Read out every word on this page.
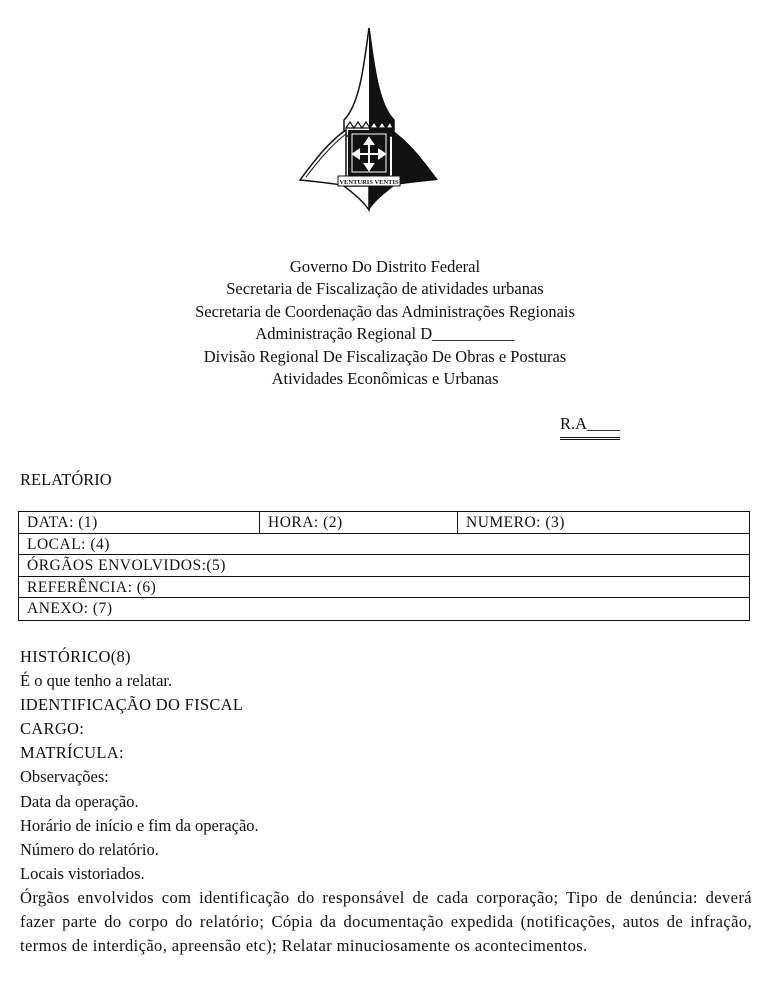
VENTURIS VENTIS
Governo Do Distrito Federal
Secretaria de Fiscalização de atividades urbanas
Secretaria de Coordenação das Administrações Regionais
Administração Regional D__________
Divisão Regional De Fiscalização De Obras e Posturas
Atividades Econômicas e Urbanas
R.A____
RELATÓRIO
DATA: (1)	HORA: (2)	NUMERO: (3)
LOCAL: (4)
ÓRGÃOS ENVOLVIDOS:(5)
REFERÊNCIA: (6)
ANEXO: (7)
HISTÓRICO(8)
É o que tenho a relatar.
IDENTIFICAÇÃO DO FISCAL
CARGO:
MATRÍCULA:
Observações:
Data da operação.
Horário de início e fim da operação.
Número do relatório.
Locais vistoriados.
Órgãos envolvidos com identificação do responsável de cada corporação; Tipo de denúncia: deverá fazer parte do corpo do relatório; Cópia da documentação expedida (notificações, autos de infração, termos de interdição, apreensão etc); Relatar minuciosamente os acontecimentos.
